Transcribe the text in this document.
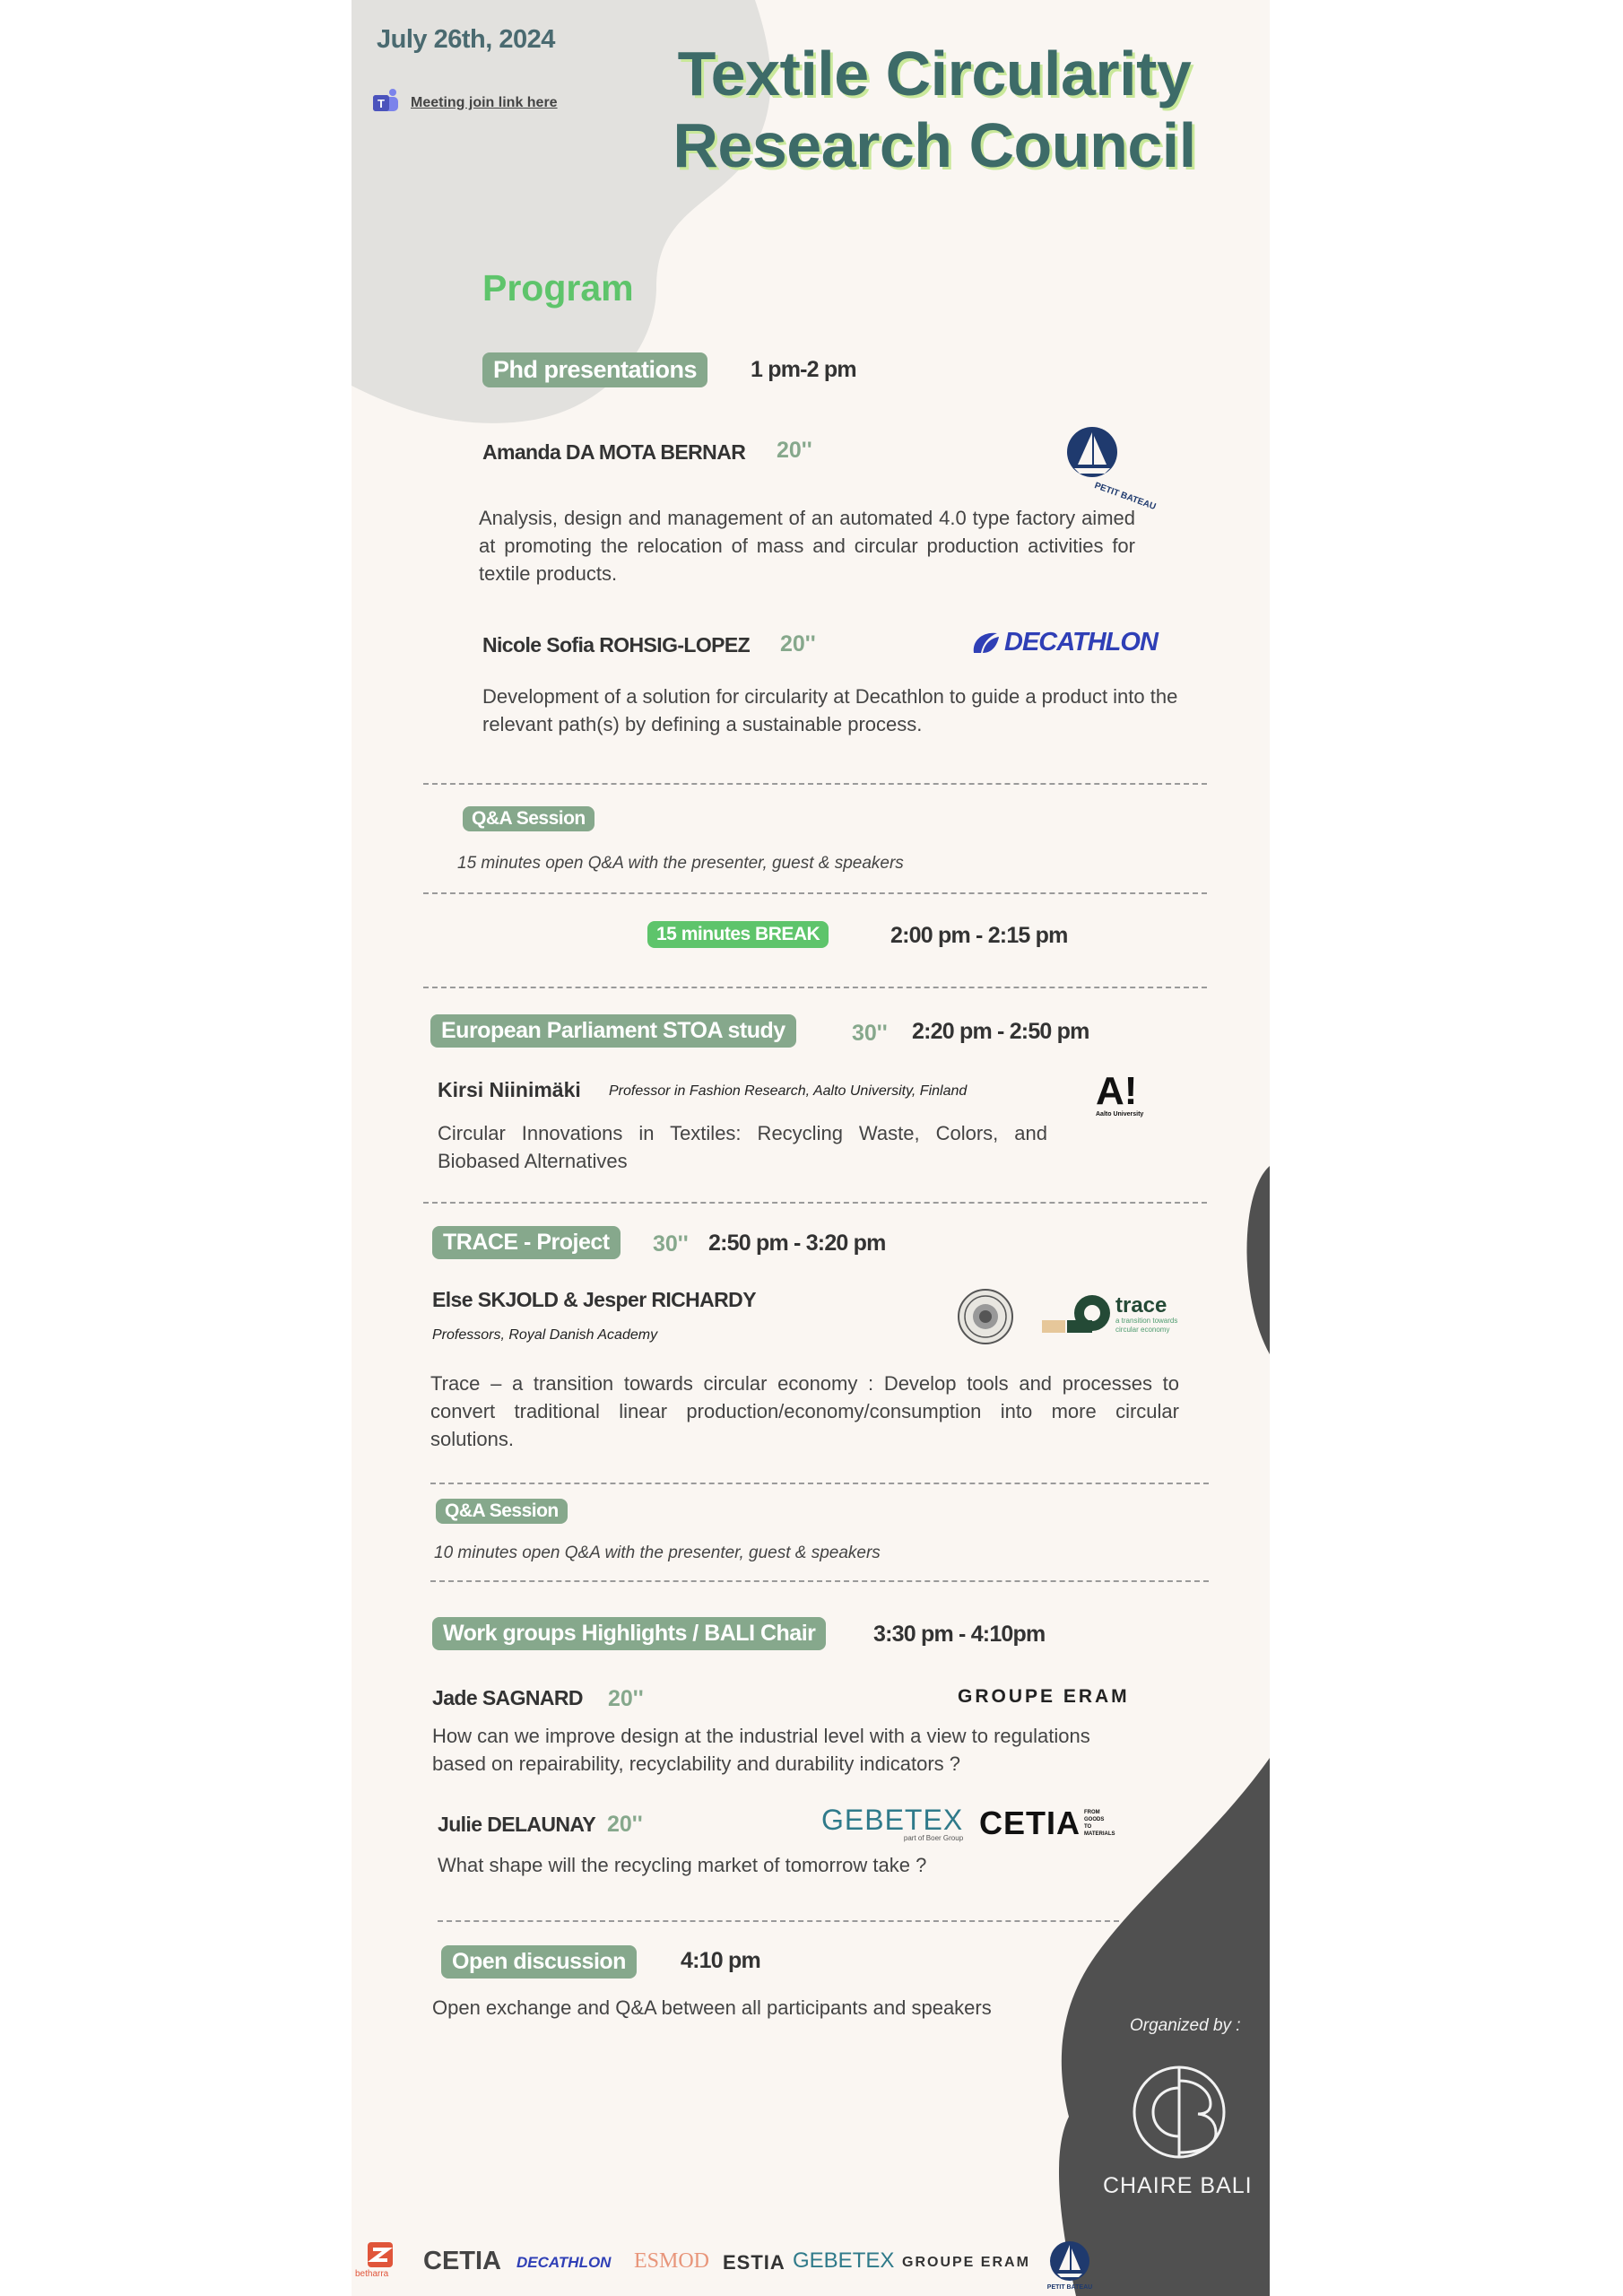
July 26th, 2024
T Meeting join link here	Textile Circularity
Research Council
Program
Phd presentations	1 pm-2 pm
Amanda DA MOTA BERNAR 20''
PETIT BATEAU
Analysis, design and management of an automated 4.0 type factory aimed at promoting the relocation of mass and circular production activities for textile products.
Nicole Sofia ROHSIG-LOPEZ 20''	DECATHLON
Development of a solution for circularity at Decathlon to guide a product into the relevant path(s) by defining a sustainable process.
Q&A Session
15 minutes open Q&A with the presenter, guest & speakers
15 minutes BREAK	2:00 pm - 2:15 pm
European Parliament STOA study	30'' 2:20 pm - 2:50 pm
Kirsi Niinimäki Professor in Fashion Research, Aalto University, Finland	A!
Aalto University
Circular Innovations in Textiles: Recycling Waste, Colors, and Biobased Alternatives
TRACE - Project	30'' 2:50 pm - 3:20 pm
Else SKJOLD & Jesper RICHARDY
Professors, Royal Danish Academy
trace
a transition towards
circular economy
Trace – a transition towards circular economy : Develop tools and processes to convert traditional linear production/economy/consumption into more circular solutions.
Q&A Session
10 minutes open Q&A with the presenter, guest & speakers
Work groups Highlights / BALI Chair	3:30 pm - 4:10pm
Jade SAGNARD 20''	GROUPE ERAM
How can we improve design at the industrial level with a view to regulations based on repairability, recyclability and durability indicators ?
Julie DELAUNAY 20''	GEBETEX
part of Boer Group CETIA FROM GOODS TO MATERIALS
What shape will the recycling market of tomorrow take ?
Open discussion	4:10 pm
Open exchange and Q&A between all participants and speakers
Organized by :
CHAIRE BALI
betharra CETIA DECATHLON ESMOD ESTIA GEBETEX GROUPE ERAM
PETIT BATEAU
